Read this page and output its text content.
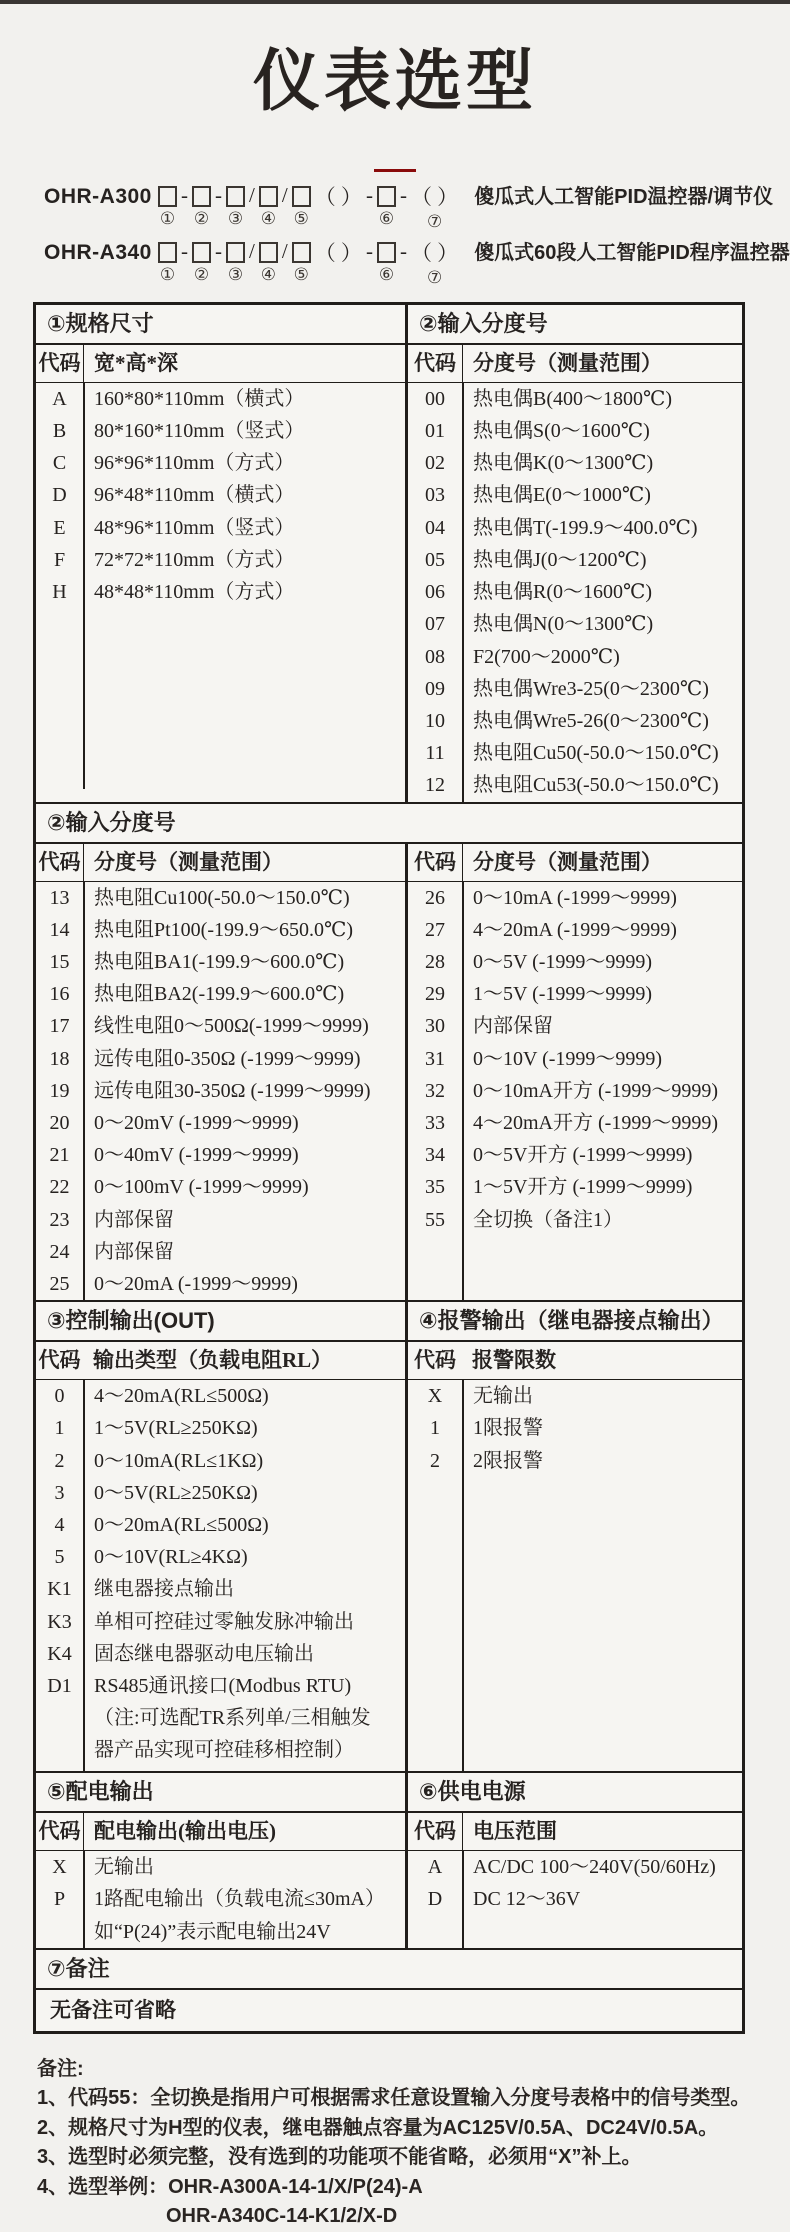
仪表选型
OHR-A300
①
-
②
-
③
/
④
/
⑤
（ ） -
⑥
- （ ）
⑦
傻瓜式人工智能PID温控器/调节仪
OHR-A340
①
-
②
-
③
/
④
/
⑤
（ ） -
⑥
- （ ）
⑦
傻瓜式60段人工智能PID程序温控器
①规格尺寸	②输入分度号
代码 宽*高*深
A	160*80*110mm（横式）
B	80*160*110mm（竖式）
C	96*96*110mm（方式）
D	96*48*110mm（横式）
E	48*96*110mm（竖式）
F	72*72*110mm（方式）
H	48*48*110mm（方式）
代码 分度号（测量范围）
00	热电偶B(400～1800℃)
01	热电偶S(0～1600℃)
02	热电偶K(0～1300℃)
03	热电偶E(0～1000℃)
04	热电偶T(-199.9～400.0℃)
05	热电偶J(0～1200℃)
06	热电偶R(0～1600℃)
07	热电偶N(0～1300℃)
08	F2(700～2000℃)
09	热电偶Wre3-25(0～2300℃)
10	热电偶Wre5-26(0～2300℃)
11	热电阻Cu50(-50.0～150.0℃)
12	热电阻Cu53(-50.0～150.0℃)
②输入分度号
代码 分度号（测量范围）
13	热电阻Cu100(-50.0～150.0℃)
14	热电阻Pt100(-199.9～650.0℃)
15	热电阻BA1(-199.9～600.0℃)
16	热电阻BA2(-199.9～600.0℃)
17	线性电阻0～500Ω(-1999～9999)
18	远传电阻0-350Ω (-1999～9999)
19	远传电阻30-350Ω (-1999～9999)
20	0～20mV (-1999～9999)
21	0～40mV (-1999～9999)
22	0～100mV (-1999～9999)
23	内部保留
24	内部保留
25	0～20mA (-1999～9999)
代码 分度号（测量范围）
26	0～10mA (-1999～9999)
27	4～20mA (-1999～9999)
28	0～5V (-1999～9999)
29	1～5V (-1999～9999)
30	内部保留
31	0～10V (-1999～9999)
32	0～10mA开方 (-1999～9999)
33	4～20mA开方 (-1999～9999)
34	0～5V开方 (-1999～9999)
35	1～5V开方 (-1999～9999)
55	全切换（备注1）
③控制输出(OUT)	④报警输出（继电器接点输出）
代码 输出类型（负载电阻RL）
0	4～20mA(RL≤500Ω)
1	1～5V(RL≥250KΩ)
2	0～10mA(RL≤1KΩ)
3	0～5V(RL≥250KΩ)
4	0～20mA(RL≤500Ω)
5	0～10V(RL≥4KΩ)
K1	继电器接点输出
K3	单相可控硅过零触发脉冲输出
K4	固态继电器驱动电压输出
D1	RS485通讯接口(Modbus RTU)
（注:可选配TR系列单/三相触发
器产品实现可控硅移相控制）
代码 报警限数
X	无输出
1	1限报警
2	2限报警
⑤配电输出	⑥供电电源
代码 配电输出(输出电压)
X	无输出
P	1路配电输出（负载电流≤30mA）
如“P(24)”表示配电输出24V
代码 电压范围
A	AC/DC 100～240V(50/60Hz)
D	DC 12～36V
⑦备注
无备注可省略
备注:
1、代码55：全切换是指用户可根据需求任意设置输入分度号表格中的信号类型。
2、规格尺寸为H型的仪表，继电器触点容量为AC125V/0.5A、DC24V/0.5A。
3、选型时必须完整，没有选到的功能项不能省略，必须用“X”补上。
4、选型举例：OHR-A300A-14-1/X/P(24)-A
OHR-A340C-14-K1/2/X-D
